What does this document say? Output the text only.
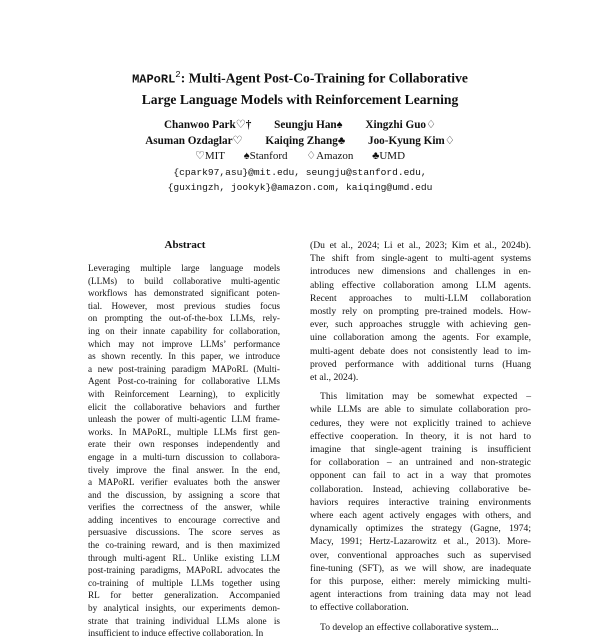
MAPoRL$^2$: Multi-Agent Post-Co-Training for Collaborative
Large Language Models with Reinforcement Learning
Chanwoo Park♡† Seungju Han♠ Xingzhi Guo♢
Asuman Ozdaglar♡ Kaiqing Zhang♣ Joo-Kyung Kim♢
♡MIT ♠Stanford ♢Amazon ♣UMD
{cpark97,asu}@mit.edu, seungju@stanford.edu,
{guxingzh, jookyk}@amazon.com, kaiqing@umd.edu
Abstract
Leveraging multiple large language models
(LLMs) to build collaborative multi-agentic
workflows has demonstrated significant poten-
tial. However, most previous studies focus
on prompting the out-of-the-box LLMs, rely-
ing on their innate capability for collaboration,
which may not improve LLMs’ performance
as shown recently. In this paper, we introduce
a new post-training paradigm MAPoRL (Multi-
Agent Post-co-training for collaborative LLMs
with Reinforcement Learning), to explicitly
elicit the collaborative behaviors and further
unleash the power of multi-agentic LLM frame-
works. In MAPoRL, multiple LLMs first gen-
erate their own responses independently and
engage in a multi-turn discussion to collabora-
tively improve the final answer. In the end,
a MAPoRL verifier evaluates both the answer
and the discussion, by assigning a score that
verifies the correctness of the answer, while
adding incentives to encourage corrective and
persuasive discussions. The score serves as
the co-training reward, and is then maximized
through multi-agent RL. Unlike existing LLM
post-training paradigms, MAPoRL advocates the
co-training of multiple LLMs together using
RL for better generalization. Accompanied
by analytical insights, our experiments demon-
strate that training individual LLMs alone is
insufficient to induce effective collaboration. In
(Du et al., 2024; Li et al., 2023; Kim et al., 2024b).
The shift from single-agent to multi-agent systems
introduces new dimensions and challenges in en-
abling effective collaboration among LLM agents.
Recent approaches to multi-LLM collaboration
mostly rely on prompting pre-trained models. How-
ever, such approaches struggle with achieving gen-
uine collaboration among the agents. For example,
multi-agent debate does not consistently lead to im-
proved performance with additional turns (Huang
et al., 2024).
This limitation may be somewhat expected –
while LLMs are able to simulate collaboration pro-
cedures, they were not explicitly trained to achieve
effective cooperation. In theory, it is not hard to
imagine that single-agent training is insufficient
for collaboration – an untrained and non-strategic
opponent can fail to act in a way that promotes
collaboration. Instead, achieving collaborative be-
haviors requires interactive training environments
where each agent actively engages with others, and
dynamically optimizes the strategy (Gagne, 1974;
Macy, 1991; Hertz-Lazarowitz et al., 2013). More-
over, conventional approaches such as supervised
fine-tuning (SFT), as we will show, are inadequate
for this purpose, either: merely mimicking multi-
agent interactions from training data may not lead
to effective collaboration.
To develop an effective collaborative system...
